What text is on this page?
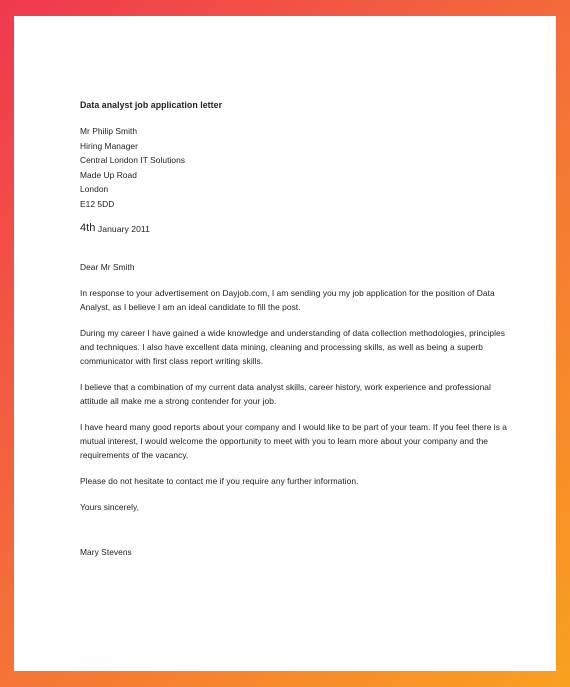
Data analyst job application letter
Mr Philip Smith
Hiring Manager
Central London IT Solutions
Made Up Road
London
E12 5DD
$^{4th}$ January 2011
Dear Mr Smith

In response to your advertisement on Dayjob.com, I am sending you my job application for the position of Data Analyst, as I believe I am an ideal candidate to fill the post.

During my career I have gained a wide knowledge and understanding of data collection methodologies, principles and techniques. I also have excellent data mining, cleaning and processing skills, as well as being a superb communicator with first class report writing skills.

I believe that a combination of my current data analyst skills, career history, work experience and professional attitude all make me a strong contender for your job.

I have heard many good reports about your company and I would like to be part of your team. If you feel there is a mutual interest, I would welcome the opportunity to meet with you to learn more about your company and the requirements of the vacancy.

Please do not hesitate to contact me if you require any further information.

Yours sincerely,
Mary Stevens
